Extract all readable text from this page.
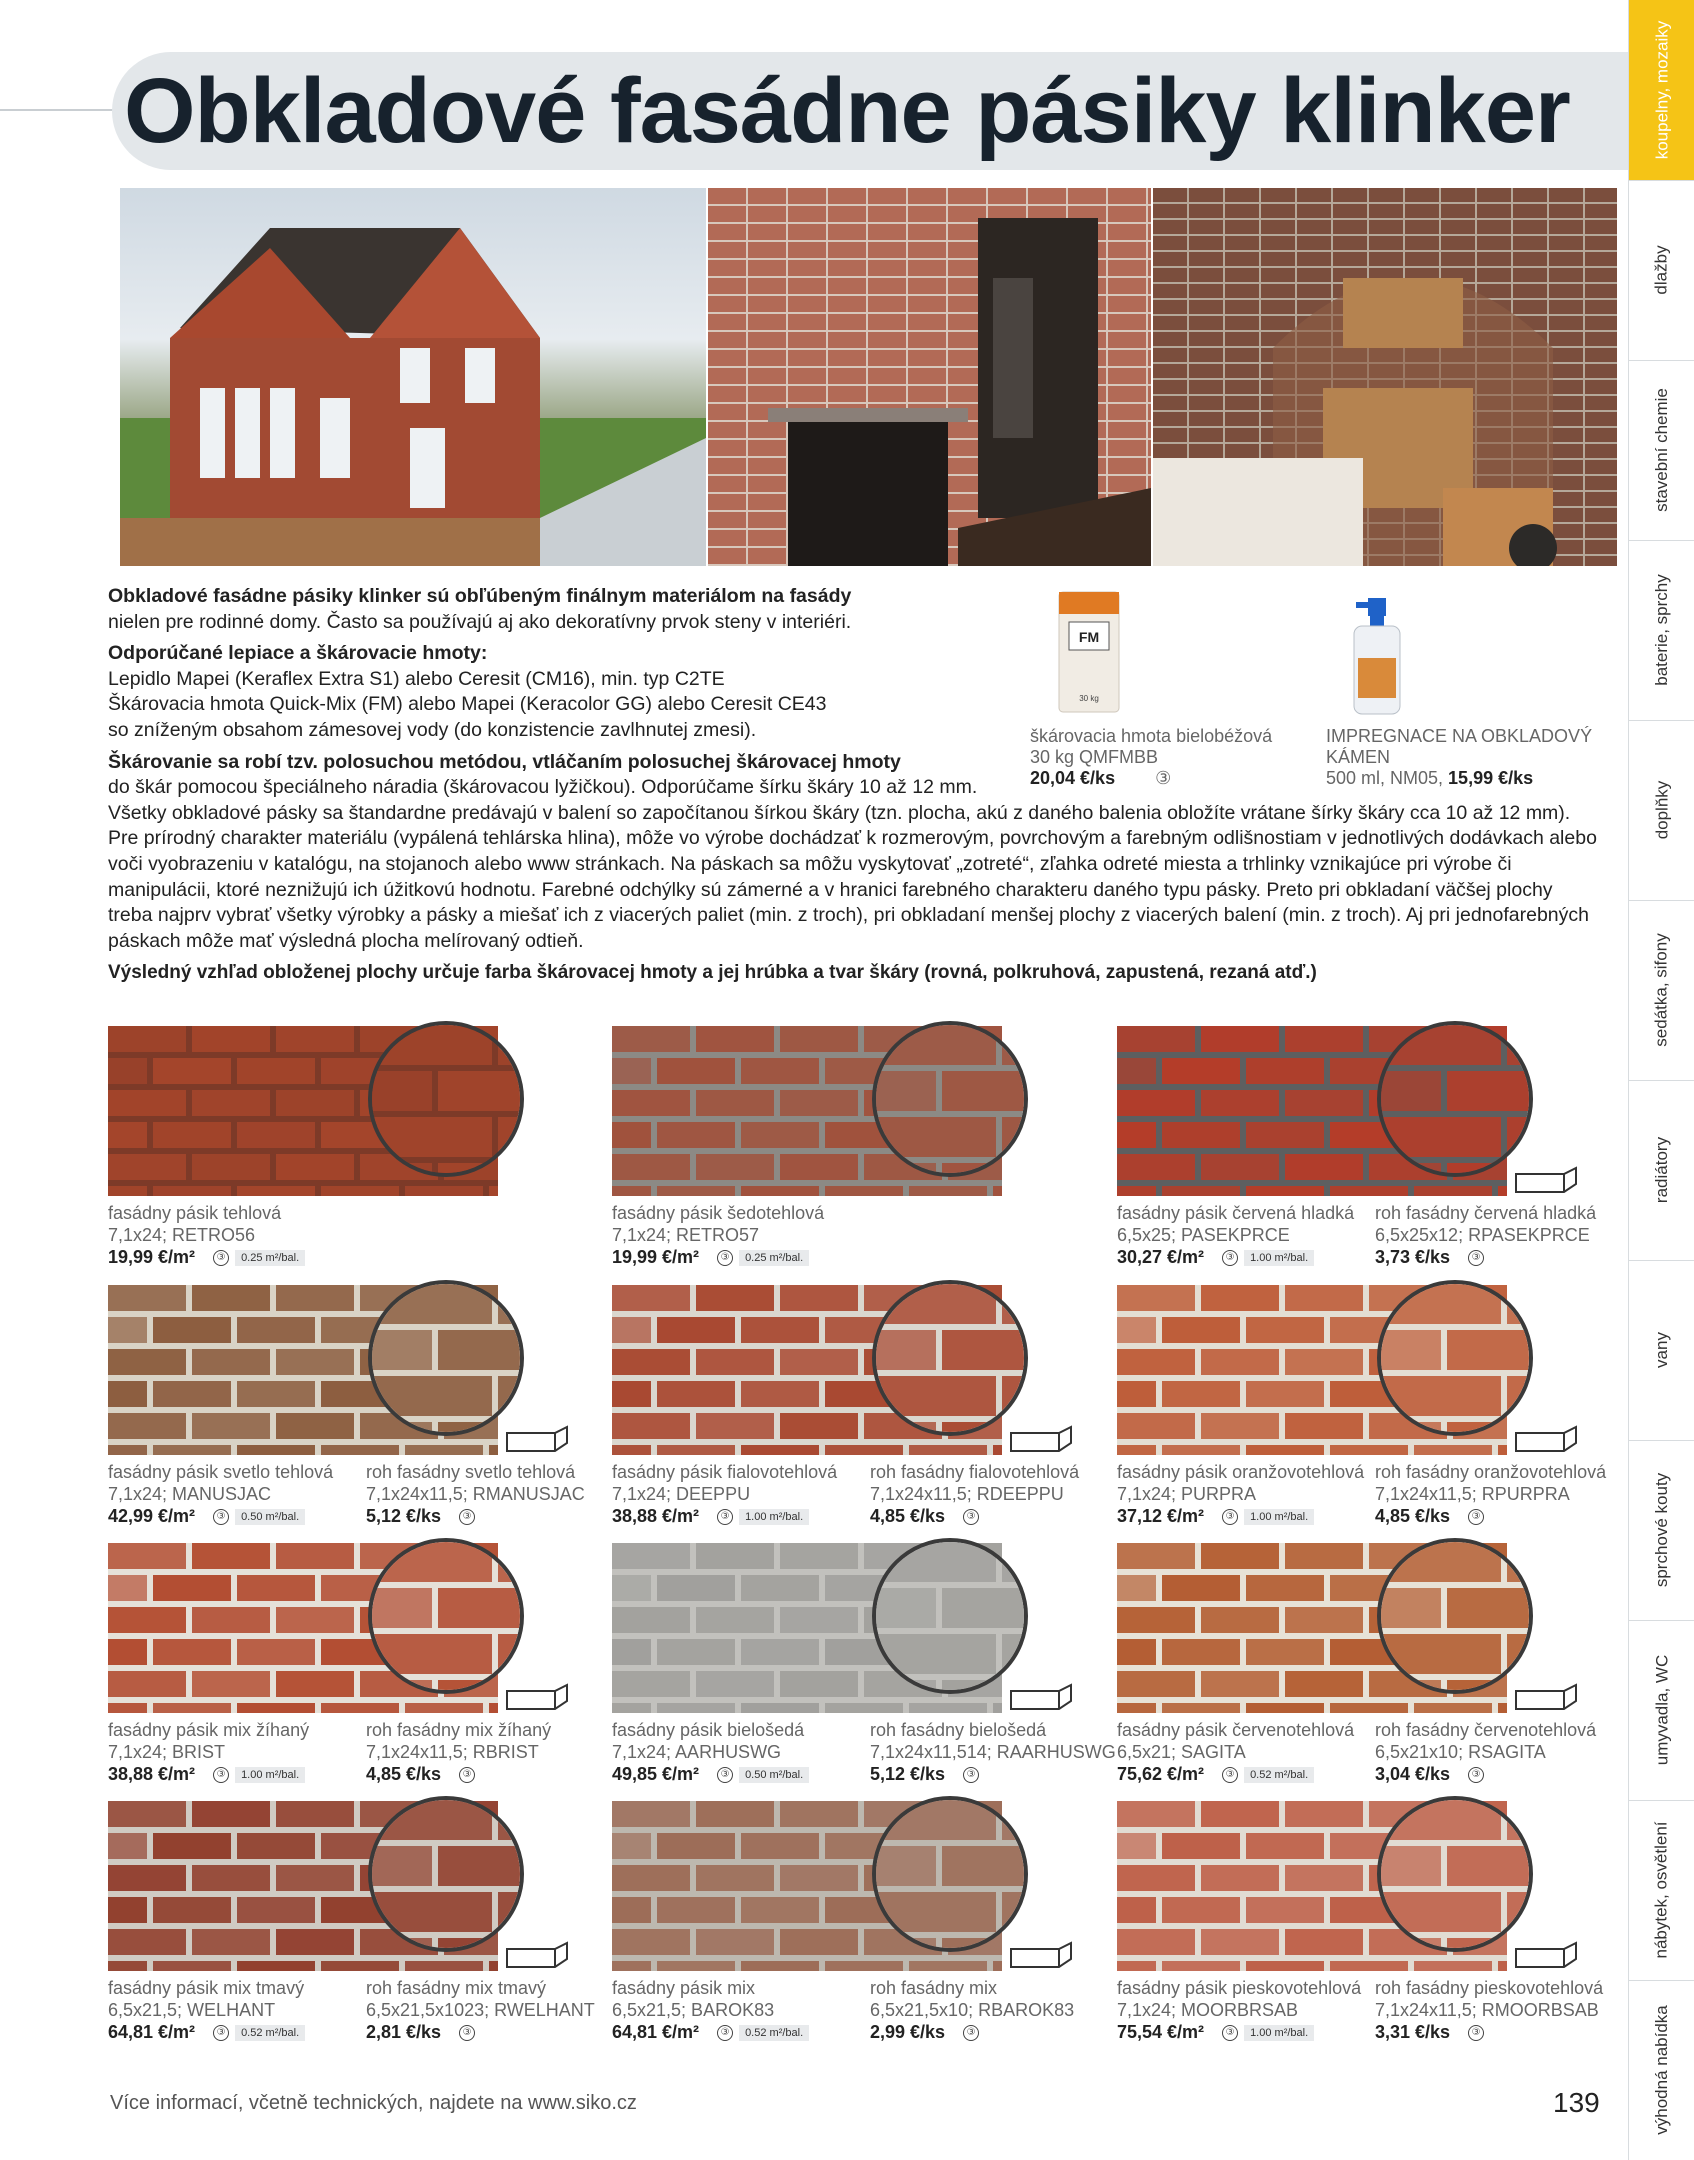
Obkladové fasádne pásiky klinker	koupelny, mozaiky
dlažby
stavební chemie
baterie, sprchy
doplňky
sedátka, sifony
radiátory
vany
sprchové kouty
umyvadla, WC
nábytek, osvětlení
výhodná nabídka

Obkladové fasádne pásiky klinker sú obľúbeným finálnym materiálom na fasády

nielen pre rodinné domy. Často sa používajú aj ako dekoratívny prvok steny v interiéri.

Odporúčané lepiace a škárovacie hmoty:

Lepidlo Mapei (Keraflex Extra S1) alebo Ceresit (CM16), min. typ C2TE

Škárovacia hmota Quick-Mix (FM) alebo Mapei (Keracolor GG) alebo Ceresit CE43

so zníženým obsahom zámesovej vody (do konzistencie zavlhnutej zmesi).

Škárovanie sa robí tzv. polosuchou metódou, vtláčaním polosuchej škárovacej hmoty

do škár pomocou špeciálneho náradia (škárovacou lyžičkou). Odporúčame šírku škáry 10 až 12 mm.

Všetky obkladové pásky sa štandardne predávajú v balení so započítanou šírkou škáry (tzn. plocha, akú z daného balenia obložíte vrátane šírky škáry cca 10 až 12 mm). Pre prírodný charakter materiálu (vypálená tehlárska hlina), môže vo výrobe dochádzať k rozmerovým, povrchovým a farebným odlišnostiam v jednotlivých dodávkach alebo voči vyobrazeniu v katalógu, na stojanoch alebo www stránkach. Na páskach sa môžu vyskytovať „zotreté“, zľahka odreté miesta a trhlinky vznikajúce pri výrobe či manipulácii, ktoré neznižujú ich úžitkovú hodnotu. Farebné odchýlky sú zámerné a v hranici farebného charakteru daného typu pásky. Preto pri obkladaní väčšej plochy treba najprv vybrať všetky výrobky a pásky a miešať ich z viacerých paliet (min. z troch), pri obkladaní menšej plochy z viacerých balení (min. z troch). Aj pri jednofarebných páskach môže mať výsledná plocha melírovaný odtieň.

Výsledný vzhľad obloženej plochy určuje farba škárovacej hmoty a jej hrúbka a tvar škáry (rovná, polkruhová, zapustená, rezaná atď.)

FM
30 kg
škárovacia hmota bielobéžová
30 kg QMFMBB
20,04 €/ks ③
IMPREGNACE NA OBKLADOVÝ
KÁMEN
500 ml, NM05, 15,99 €/ks
fasádny pásik tehlová
7,1x24; RETRO56
19,99 €/m² ③ 0.25 m²/bal.
fasádny pásik šedotehlová
7,1x24; RETRO57
19,99 €/m² ③ 0.25 m²/bal.
fasádny pásik červená hladká
6,5x25; PASEKPRCE
30,27 €/m² ③ 1.00 m²/bal.
roh fasádny červená hladká
6,5x25x12; RPASEKPRCE
3,73 €/ks ③
fasádny pásik svetlo tehlová
7,1x24; MANUSJAC
42,99 €/m² ③ 0.50 m²/bal.
roh fasádny svetlo tehlová
7,1x24x11,5; RMANUSJAC
5,12 €/ks ③
fasádny pásik fialovotehlová
7,1x24; DEEPPU
38,88 €/m² ③ 1.00 m²/bal.
roh fasádny fialovotehlová
7,1x24x11,5; RDEEPPU
4,85 €/ks ③
fasádny pásik oranžovotehlová
7,1x24; PURPRA
37,12 €/m² ③ 1.00 m²/bal.
roh fasádny oranžovotehlová
7,1x24x11,5; RPURPRA
4,85 €/ks ③
fasádny pásik mix žíhaný
7,1x24; BRIST
38,88 €/m² ③ 1.00 m²/bal.
roh fasádny mix žíhaný
7,1x24x11,5; RBRIST
4,85 €/ks ③
fasádny pásik bielošedá
7,1x24; AARHUSWG
49,85 €/m² ③ 0.50 m²/bal.
roh fasádny bielošedá
7,1x24x11,514; RAARHUSWG
5,12 €/ks ③
fasádny pásik červenotehlová
6,5x21; SAGITA
75,62 €/m² ③ 0.52 m²/bal.
roh fasádny červenotehlová
6,5x21x10; RSAGITA
3,04 €/ks ③
fasádny pásik mix tmavý
6,5x21,5; WELHANT
64,81 €/m² ③ 0.52 m²/bal.
roh fasádny mix tmavý
6,5x21,5x1023; RWELHANT
2,81 €/ks ③
fasádny pásik mix
6,5x21,5; BAROK83
64,81 €/m² ③ 0.52 m²/bal.
roh fasádny mix
6,5x21,5x10; RBAROK83
2,99 €/ks ③
fasádny pásik pieskovotehlová
7,1x24; MOORBRSAB
75,54 €/m² ③ 1.00 m²/bal.
roh fasádny pieskovotehlová
7,1x24x11,5; RMOORBSAB
3,31 €/ks ③
Více informací, včetně technických, najdete na www.siko.cz	139
